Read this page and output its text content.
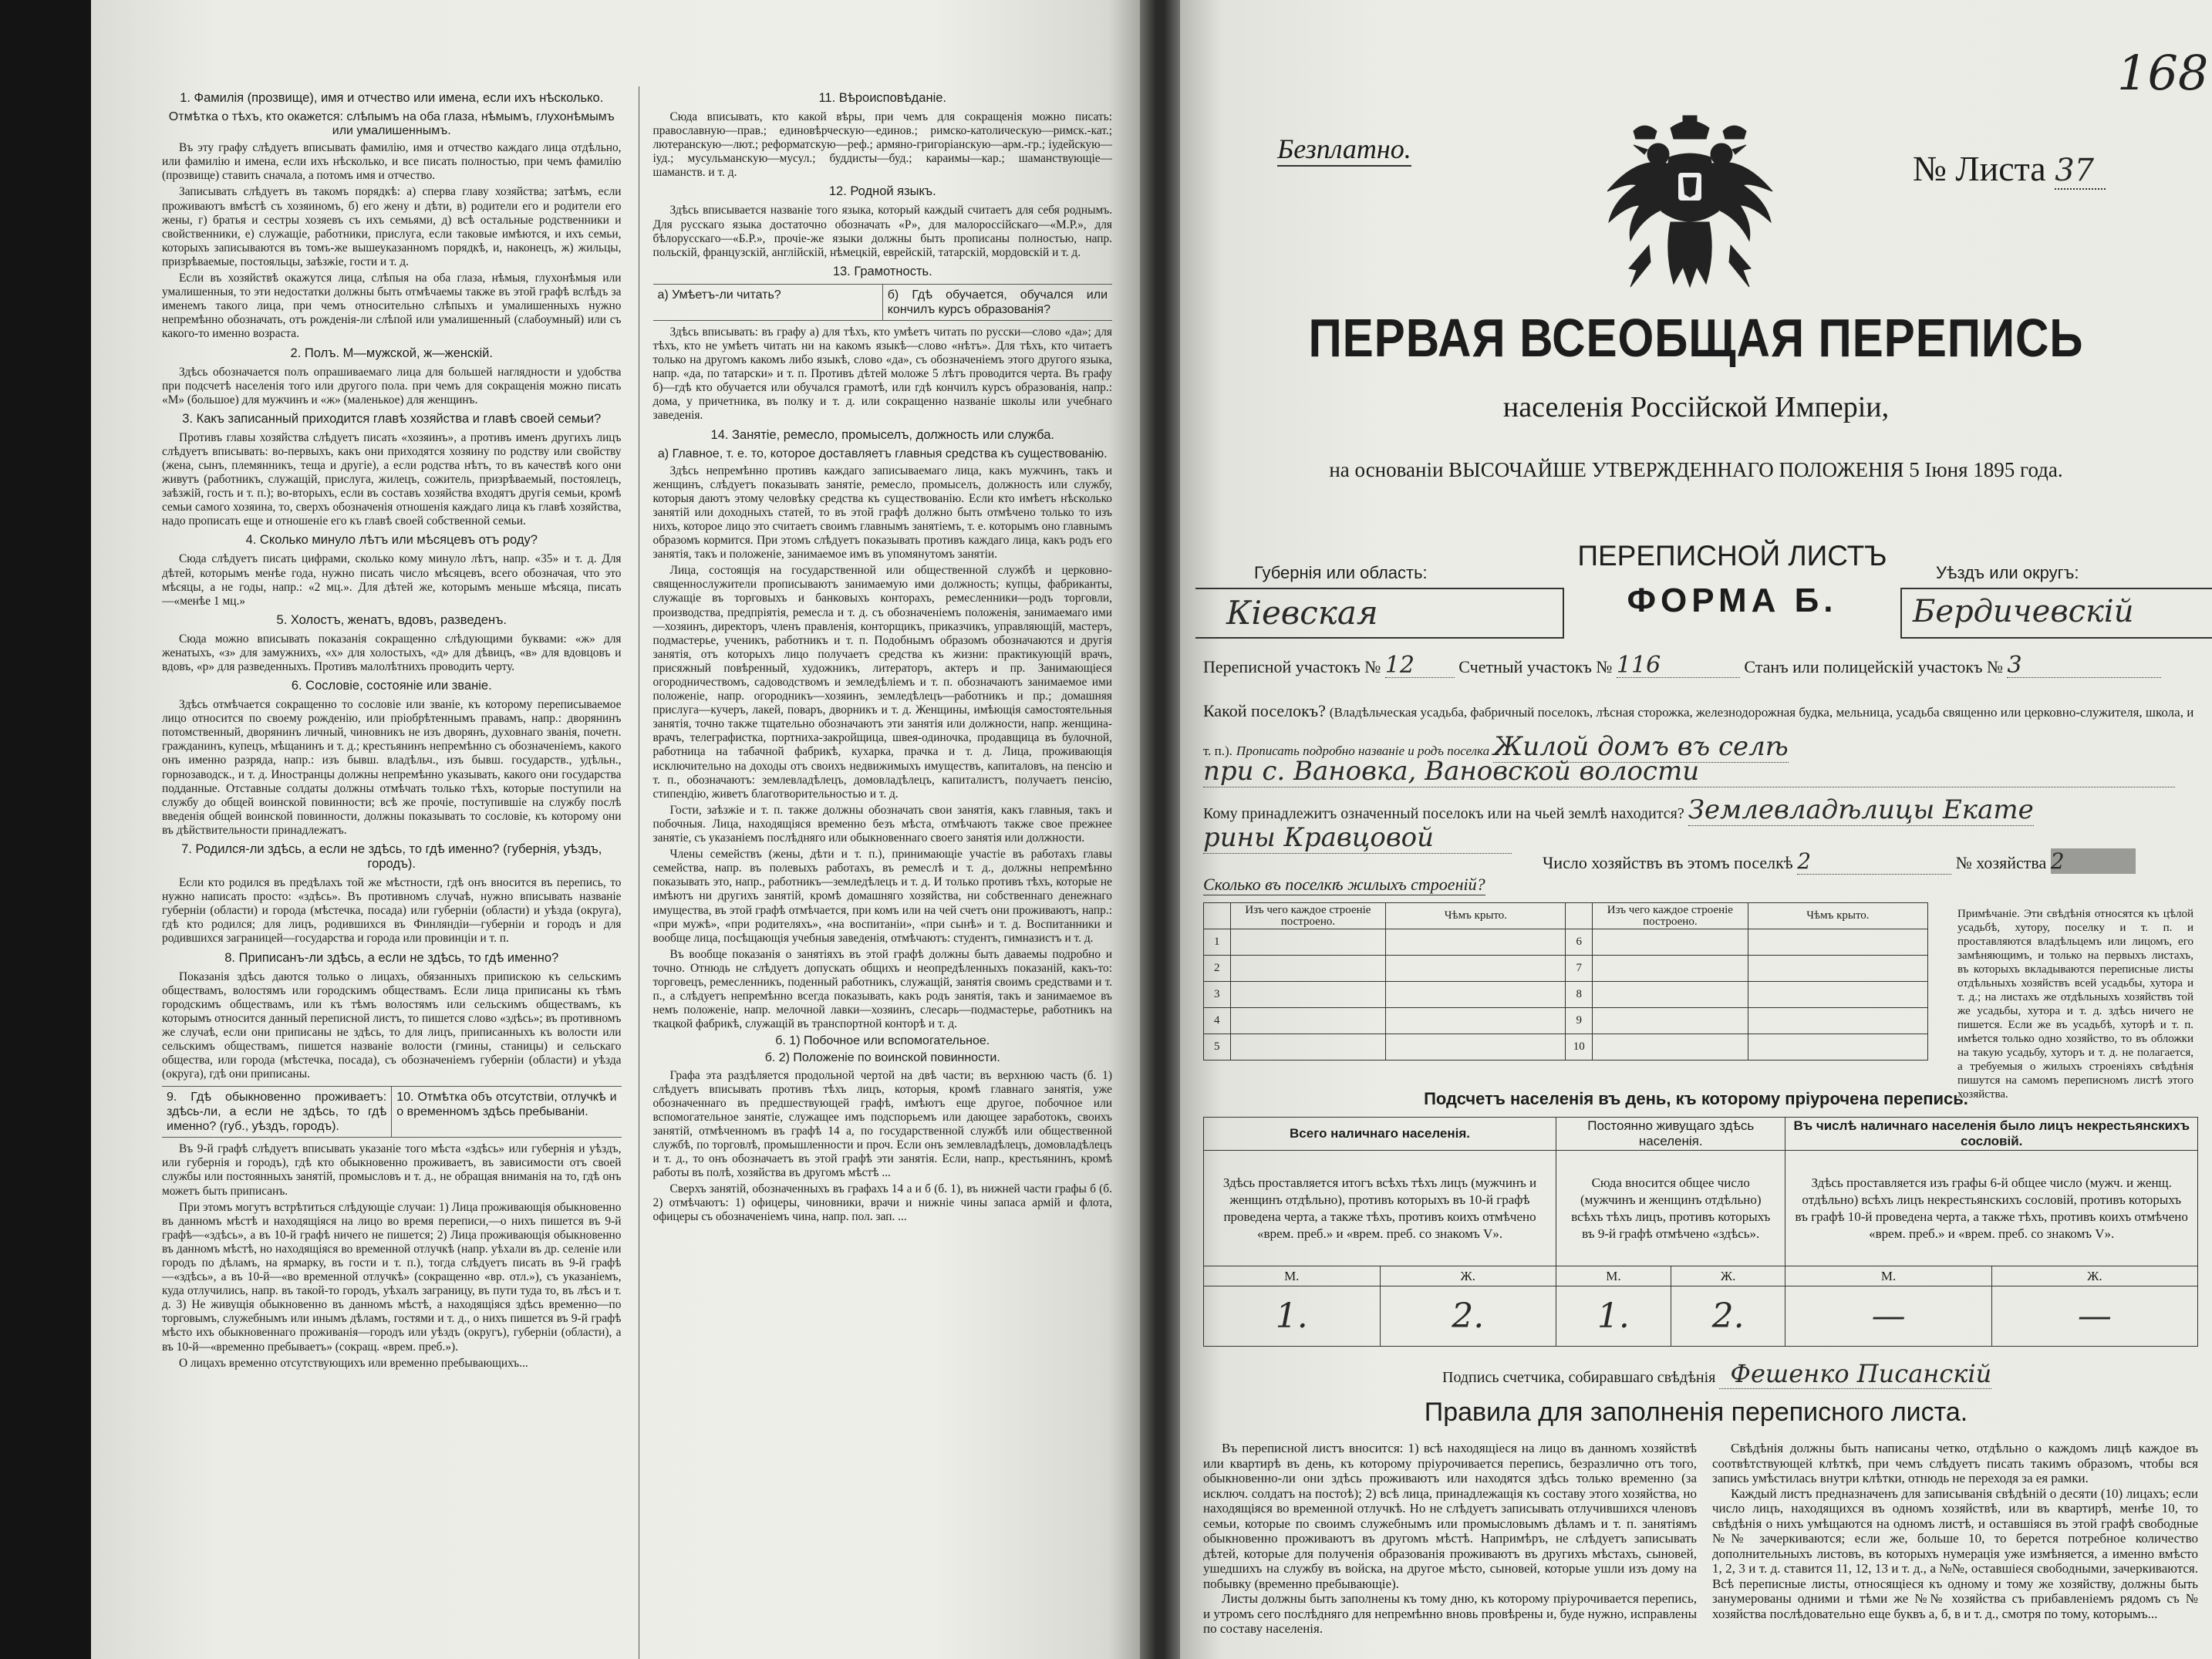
1. Фамилія (прозвище), имя и отчество или имена, если ихъ нѣсколько.
Отмѣтка о тѣхъ, кто окажется: слѣпымъ на оба глаза, нѣмымъ, глухонѣмымъ или умалишеннымъ.

Въ эту графу слѣдуетъ вписывать фамилію, имя и отчество каждаго лица отдѣльно, или фамилію и имена, если ихъ нѣсколько, и все писать полностью, при чемъ фамилію (прозвище) ставить сначала, а потомъ имя и отчество.

Записывать слѣдуетъ въ такомъ порядкѣ: а) сперва главу хозяйства; затѣмъ, если проживаютъ вмѣстѣ съ хозяиномъ, б) его жену и дѣти, в) родители его и родители его жены, г) братья и сестры хозяевъ съ ихъ семьями, д) всѣ остальные родственники и свойственники, е) служащіе, работники, прислуга, если таковые имѣются, и ихъ семьи, которыхъ записываются въ томъ-же вышеуказанномъ порядкѣ, и, наконецъ, ж) жильцы, призрѣваемые, постояльцы, заѣзжіе, гости и т. д.

Если въ хозяйствѣ окажутся лица, слѣпыя на оба глаза, нѣмыя, глухонѣмыя или умалишенныя, то эти недостатки должны быть отмѣчаемы также въ этой графѣ вслѣдъ за именемъ такого лица, при чемъ относительно слѣпыхъ и умалишенныхъ нужно непремѣнно обозначать, отъ рожденія-ли слѣпой или умалишенный (слабоумный) или съ какого-то именно возраста.

2. Полъ. М—мужской, ж—женскій.

Здѣсь обозначается полъ опрашиваемаго лица для большей наглядности и удобства при подсчетѣ населенія того или другого пола. при чемъ для сокращенія можно писать «М» (большое) для мужчинъ и «ж» (маленькое) для женщинъ.

3. Какъ записанный приходится главѣ хозяйства и главѣ своей семьи?

Противъ главы хозяйства слѣдуетъ писать «хозяинъ», а противъ именъ другихъ лицъ слѣдуетъ вписывать: во-первыхъ, какъ они приходятся хозяину по родству или свойству (жена, сынъ, племянникъ, теща и другіе), а если родства нѣтъ, то въ качествѣ кого они живутъ (работникъ, служащій, прислуга, жилецъ, сожитель, призрѣваемый, постоялецъ, заѣзжій, гость и т. п.); во-вторыхъ, если въ составъ хозяйства входятъ другія семьи, кромѣ семьи самого хозяина, то, сверхъ обозначенія отношенія каждаго лица къ главѣ хозяйства, надо прописать еще и отношеніе его къ главѣ своей собственной семьи.

4. Сколько минуло лѣтъ или мѣсяцевъ отъ роду?

Сюда слѣдуетъ писать цифрами, сколько кому минуло лѣтъ, напр. «35» и т. д. Для дѣтей, которымъ менѣе года, нужно писать число мѣсяцевъ, всего обозначая, что это мѣсяцы, а не годы, напр.: «2 мц.». Для дѣтей же, которымъ меньше мѣсяца, писать—«менѣе 1 мц.»

5. Холостъ, женатъ, вдовъ, разведенъ.

Сюда можно вписывать показанія сокращенно слѣдующими буквами: «ж» для женатыхъ, «з» для замужнихъ, «х» для холостыхъ, «д» для дѣвицъ, «в» для вдовцовъ и вдовъ, «р» для разведенныхъ. Противъ малолѣтнихъ проводить черту.

6. Сословіе, состояніе или званіе.

Здѣсь отмѣчается сокращенно то сословіе или званіе, къ которому переписываемое лицо относится по своему рожденію, или пріобрѣтеннымъ правамъ, напр.: дворянинъ потомственный, дворянинъ личный, чиновникъ не изъ дворянъ, духовнаго званія, почетн. гражданинъ, купецъ, мѣщанинъ и т. д.; крестьянинъ непремѣнно съ обозначеніемъ, какого онъ именно разряда, напр.: изъ бывш. владѣльч., изъ бывш. государств., удѣльн., горнозаводск., и т. д. Иностранцы должны непремѣнно указывать, какого они государства подданные. Отставные солдаты должны отмѣчать только тѣхъ, которые поступили на службу до общей воинской повинности; всѣ же прочіе, поступившіе на службу послѣ введенія общей воинской повинности, должны показывать то сословіе, къ которому они въ дѣйствительности принадлежатъ.

7. Родился-ли здѣсь, а если не здѣсь, то гдѣ именно? (губернія, уѣздъ, городъ).

Если кто родился въ предѣлахъ той же мѣстности, гдѣ онъ вносится въ перепись, то нужно написать просто: «здѣсь». Въ противномъ случаѣ, нужно вписывать названіе губерніи (области) и города (мѣстечка, посада) или губерніи (области) и уѣзда (округа), гдѣ кто родился; для лицъ, родившихся въ Финляндіи—губерніи и городъ и для родившихся заграницей—государства и города или провинціи и т. п.

8. Приписанъ-ли здѣсь, а если не здѣсь, то гдѣ именно?

Показанія здѣсь даются только о лицахъ, обязанныхъ припискою къ сельскимъ обществамъ, волостямъ или городскимъ обществамъ. Если лица приписаны къ тѣмъ городскимъ обществамъ, или къ тѣмъ волостямъ или сельскимъ обществамъ, къ которымъ относится данный переписной листъ, то пишется слово «здѣсь»; въ противномъ же случаѣ, если они приписаны не здѣсь, то для лицъ, приписанныхъ къ волости или сельскимъ обществамъ, пишется названіе волости (гмины, станицы) и сельскаго общества, или города (мѣстечка, посада), съ обозначеніемъ губерніи (области) и уѣзда (округа), гдѣ они приписаны.

9. Гдѣ обыкновенно проживаетъ: здѣсь-ли, а если не здѣсь, то гдѣ именно? (губ., уѣздъ, городъ).
10. Отмѣтка объ отсутствіи, отлучкѣ и о временномъ здѣсь пребываніи.

Въ 9-й графѣ слѣдуетъ вписывать указаніе того мѣста «здѣсь» или губернія и уѣздъ, или губернія и городъ), гдѣ кто обыкновенно проживаетъ, въ зависимости отъ своей службы или постоянныхъ занятій, промысловъ и т. д., не обращая вниманія на то, гдѣ онъ можетъ быть приписанъ.

При этомъ могутъ встрѣтиться слѣдующіе случаи: 1) Лица проживающія обыкновенно въ данномъ мѣстѣ и находящіяся на лицо во время переписи,—о нихъ пишется въ 9-й графѣ—«здѣсь», а въ 10-й графѣ ничего не пишется; 2) Лица проживающія обыкновенно въ данномъ мѣстѣ, но находящіяся во временной отлучкѣ (напр. уѣхали въ др. селеніе или городъ по дѣламъ, на ярмарку, въ гости и т. п.), тогда слѣдуетъ писать въ 9-й графѣ—«здѣсь», а въ 10-й—«во временной отлучкѣ» (сокращенно «вр. отл.»), съ указаніемъ, куда отлучились, напр. въ такой-то городъ, уѣхалъ заграницу, въ пути туда то, въ лѣсъ и т. д. 3) Не живущія обыкновенно въ данномъ мѣстѣ, а находящіяся здѣсь временно—по торговымъ, служебнымъ или инымъ дѣламъ, гостями и т. д., о нихъ пишется въ 9-й графѣ мѣсто ихъ обыкновеннаго проживанія—городъ или уѣздъ (округъ), губерніи (области), а въ 10-й—«временно пребываетъ» (сокращ. «врем. преб.»).

О лицахъ временно отсутствующихъ или временно пребывающихъ...

11. Вѣроисповѣданіе.

Сюда вписывать, кто какой вѣры, при чемъ для сокращенія можно писать: православную—прав.; единовѣрческую—единов.; римско-католическую—римск.-кат.; лютеранскую—лют.; реформатскую—реф.; армяно-григоріанскую—арм.-гр.; іудейскую—іуд.; мусульманскую—мусул.; буддисты—буд.; караимы—кар.; шаманствующіе—шаманств. и т. д.

12. Родной языкъ.

Здѣсь вписывается названіе того языка, который каждый считаетъ для себя роднымъ. Для русскаго языка достаточно обозначать «Р», для малороссійскаго—«М.Р.», для бѣлорусскаго—«Б.Р.», прочіе-же языки должны быть прописаны полностью, напр. польскій, французскій, англійскій, нѣмецкій, еврейскій, татарскій, мордовскій и т. д.

13. Грамотность.
а) Умѣетъ-ли читать?	б) Гдѣ обучается, обучался или кончилъ курсъ образованія?

Здѣсь вписывать: въ графу а) для тѣхъ, кто умѣетъ читать по русски—слово «да»; для тѣхъ, кто не умѣетъ читать ни на какомъ языкѣ—слово «нѣтъ». Для тѣхъ, кто читаетъ только на другомъ какомъ либо языкѣ, слово «да», съ обозначеніемъ этого другого языка, напр. «да, по татарски» и т. п. Противъ дѣтей моложе 5 лѣтъ проводится черта. Въ графу б)—гдѣ кто обучается или обучался грамотѣ, или гдѣ кончилъ курсъ образованія, напр.: дома, у причетника, въ полку и т. д. или сокращенно названіе школы или учебнаго заведенія.

14. Занятіе, ремесло, промыселъ, должность или служба.
а) Главное, т. е. то, которое доставляетъ главныя средства къ существованію.

Здѣсь непремѣнно противъ каждаго записываемаго лица, какъ мужчинъ, такъ и женщинъ, слѣдуетъ показывать занятіе, ремесло, промыселъ, должность или службу, которыя даютъ этому человѣку средства къ существованію. Если кто имѣетъ нѣсколько занятій или доходныхъ статей, то въ этой графѣ должно быть отмѣчено только то изъ нихъ, которое лицо это считаетъ своимъ главнымъ занятіемъ, т. е. которымъ оно главнымъ образомъ кормится. При этомъ слѣдуетъ показывать противъ каждаго лица, какъ родъ его занятія, такъ и положеніе, занимаемое имъ въ упомянутомъ занятіи.

Лица, состоящія на государственной или общественной службѣ и церковно-священнослужители прописываютъ занимаемую ими должность; купцы, фабриканты, служащіе въ торговыхъ и банковыхъ конторахъ, ремесленники—родъ торговли, производства, предпріятія, ремесла и т. д. съ обозначеніемъ положенія, занимаемаго ими—хозяинъ, директоръ, членъ правленія, конторщикъ, приказчикъ, управляющій, мастеръ, подмастерье, ученикъ, работникъ и т. п. Подобнымъ образомъ обозначаются и другія занятія, отъ которыхъ лицо получаетъ средства къ жизни: практикующій врачъ, присяжный повѣренный, художникъ, литераторъ, актеръ и пр. Занимающіеся огородничествомъ, садоводствомъ и земледѣліемъ и т. п. обозначаютъ занимаемое ими положеніе, напр. огородникъ—хозяинъ, земледѣлецъ—работникъ и пр.; домашняя прислуга—кучеръ, лакей, поваръ, дворникъ и т. д. Женщины, имѣющія самостоятельныя занятія, точно также тщательно обозначаютъ эти занятія или должности, напр. женщина-врачъ, телеграфистка, портниха-закройщица, швея-одиночка, продавщица въ булочной, работница на табачной фабрикѣ, кухарка, прачка и т. д. Лица, проживающія исключительно на доходы отъ своихъ недвижимыхъ имуществъ, капиталовъ, на пенсію и т. п., обозначаютъ: землевладѣлецъ, домовладѣлецъ, капиталистъ, получаетъ пенсію, стипендію, живетъ благотворительностью и т. д.

Гости, заѣзжіе и т. п. также должны обозначать свои занятія, какъ главныя, такъ и побочныя. Лица, находящіяся временно безъ мѣста, отмѣчаютъ также свое прежнее занятіе, съ указаніемъ послѣдняго или обыкновеннаго своего занятія или должности.

Члены семействъ (жены, дѣти и т. п.), принимающіе участіе въ работахъ главы семейства, напр. въ полевыхъ работахъ, въ ремеслѣ и т. д., должны непремѣнно показывать это, напр., работникъ—земледѣлецъ и т. д. И только противъ тѣхъ, которые не имѣютъ ни другихъ занятій, кромѣ домашняго хозяйства, ни собственнаго денежнаго имущества, въ этой графѣ отмѣчается, при комъ или на чей счетъ они проживаютъ, напр.: «при мужѣ», «при родителяхъ», «на воспитаніи», «при сынѣ» и т. д. Воспитанники и вообще лица, посѣщающія учебныя заведенія, отмѣчаютъ: студентъ, гимназистъ и т. д.

Въ вообще показанія о занятіяхъ въ этой графѣ должны быть даваемы подробно и точно. Отнюдь не слѣдуетъ допускать общихъ и неопредѣленныхъ показаній, какъ-то: торговецъ, ремесленникъ, поденный работникъ, служащій, занятія своимъ средствами и т. п., а слѣдуетъ непремѣнно всегда показывать, какъ родъ занятія, такъ и занимаемое въ немъ положеніе, напр. мелочной лавки—хозяинъ, слесарь—подмастерье, работникъ на ткацкой фабрикѣ, служащій въ транспортной конторѣ и т. д.

б. 1) Побочное или вспомогательное.
б. 2) Положеніе по воинской повинности.

Графа эта раздѣляется продольной чертой на двѣ части; въ верхнюю часть (б. 1) слѣдуетъ вписывать противъ тѣхъ лицъ, которыя, кромѣ главнаго занятія, уже обозначеннаго въ предшествующей графѣ, имѣютъ еще другое, побочное или вспомогательное занятіе, служащее имъ подспорьемъ или дающее заработокъ, своихъ занятій, отмѣченномъ въ графѣ 14 а, по государственной службѣ или общественной службѣ, по торговлѣ, промышленности и проч. Если онъ землевладѣлецъ, домовладѣлецъ и т. д., то онъ обозначаетъ въ этой графѣ эти занятія. Если, напр., крестьянинъ, кромѣ работы въ полѣ, хозяйства въ другомъ мѣстѣ ...

Сверхъ занятій, обозначенныхъ въ графахъ 14 а и б (б. 1), въ нижней части графы б (б. 2) отмѣчаютъ: 1) офицеры, чиновники, врачи и нижніе чины запаса армій и флота, офицеры съ обозначеніемъ чина, напр. пол. зап. ...

168
Безплатно.	№ Листа 37
ПЕРВАЯ ВСЕОБЩАЯ ПЕРЕПИСЬ
населенія Россійской Имперіи,
на основаніи ВЫСОЧАЙШЕ УТВЕРЖДЕННАГО ПОЛОЖЕНІЯ 5 Іюня 1895 года.
Губернія или область:
Кіевская
ПЕРЕПИСНОЙ ЛИСТЪ
ФОРМА Б.
Уѣздъ или округъ:
Бердичевскій
Переписной участокъ № 12	Счетный участокъ № 116	Станъ или полицейскій участокъ № 3
Какой поселокъ? (Владѣльческая усадьба, фабричный поселокъ, лѣсная сторожка, железнодорожная будка, мельница, усадьба священно или церковно-служителя, школа, и т. п.). Прописать подробно названіе и родъ поселка Жилой домъ въ селѣ
при с. Вановка, Вановской волости
Кому принадлежитъ означенный поселокъ или на чьей землѣ находится? Землевладѣлицы Екате
рины Кравцовой
Число хозяйствъ въ этомъ поселкѣ 2	№ хозяйства 2
Сколько въ поселкѣ жилыхъ строеній?
	Изъ чего каждое строеніе построено.	Чѣмъ крыто.		Изъ чего каждое строеніе построено.	Чѣмъ крыто.
1			6		
2			7		
3			8		
4			9		
5			10		
Примѣчаніе. Эти свѣдѣнія относятся къ цѣлой усадьбѣ, хутору, поселку и т. п. и проставляются владѣльцемъ или лицомъ, его замѣняющимъ, и только на первыхъ листахъ, въ которыхъ вкладываются переписные листы отдѣльныхъ хозяйствъ всей усадьбы, хутора и т. д.; на листахъ же отдѣльныхъ хозяйствъ той же усадьбы, хутора и т. д. здѣсь ничего не пишется. Если же въ усадьбѣ, хуторѣ и т. п. имѣется только одно хозяйство, то въ обложки на такую усадьбу, хуторъ и т. д. не полагается, а требуемыя о жилыхъ строеніяхъ свѣдѣнія пишутся на самомъ переписномъ листѣ этого хозяйства.
Подсчетъ населенія въ день, къ которому пріурочена перепись.
Всего наличнаго населенія.		Постоянно живущаго здѣсь населенія.		Въ числѣ наличнаго населенія было лицъ некрестьянскихъ сословій.	
Здѣсь проставляется итогъ всѣхъ тѣхъ лицъ (мужчинъ и женщинъ отдѣльно), противъ которыхъ въ 10-й графѣ проведена черта, а также тѣхъ, противъ коихъ отмѣчено «врем. преб.» и «врем. преб. со знакомъ V».		Сюда вносится общее число (мужчинъ и женщинъ отдѣльно) всѣхъ тѣхъ лицъ, противъ которыхъ въ 9-й графѣ отмѣчено «здѣсь».		Здѣсь проставляется изъ графы 6-й общее число (мужч. и женщ. отдѣльно) всѣхъ лицъ некрестьянскихъ сословій, противъ которыхъ въ графѣ 10-й проведена черта, а также тѣхъ, противъ коихъ отмѣчено «врем. преб.» и «врем. преб. со знакомъ V».	
М.	Ж.	М.	Ж.	М.	Ж.
1.	2.	1.	2.	—	—
Подпись счетчика, собиравшаго свѣдѣнія Фешенко Писанскій
Правила для заполненія переписного листа.
Въ переписной листъ вносится: 1) всѣ находящіеся на лицо въ данномъ хозяйствѣ или квартирѣ въ день, къ которому пріурочивается перепись, безразлично отъ того, обыкновенно-ли они здѣсь проживаютъ или находятся здѣсь только временно (за исключ. солдатъ на постоѣ); 2) всѣ лица, принадлежащія къ составу этого хозяйства, но находящіяся во временной отлучкѣ. Но не слѣдуетъ записывать отлучившихся членовъ семьи, которые по своимъ служебнымъ или промысловымъ дѣламъ и т. п. занятіямъ обыкновенно проживаютъ въ другомъ мѣстѣ. Напримѣръ, не слѣдуетъ записывать дѣтей, которые для полученія образованія проживаютъ въ другихъ мѣстахъ, сыновей, ушедшихъ на службу въ войска, на другое мѣсто, сыновей, которые ушли изъ дому на побывку (временно пребывающіе).
Листы должны быть заполнены къ тому дню, къ которому пріурочивается перепись, и утромъ сего послѣдняго для непремѣнно вновь провѣрены и, буде нужно, исправлены по составу населенія.
Свѣдѣнія должны быть написаны четко, отдѣльно о каждомъ лицѣ каждое въ соотвѣтствующей клѣткѣ, при чемъ слѣдуетъ писать такимъ образомъ, чтобы вся запись умѣстилась внутри клѣтки, отнюдь не переходя за ея рамки.
Каждый листъ предназначенъ для записыванія свѣдѣній о десяти (10) лицахъ; если число лицъ, находящихся въ одномъ хозяйствѣ, или въ квартирѣ, менѣе 10, то свѣдѣнія о нихъ умѣщаются на одномъ листѣ, и оставшіяся въ этой графѣ свободные №№ зачеркиваются; если же, больше 10, то берется потребное количество дополнительныхъ листовъ, въ которыхъ нумерація уже измѣняется, а именно вмѣсто 1, 2, 3 и т. д. ставится 11, 12, 13 и т. д., а №№, оставшіеся свободными, зачеркиваются. Всѣ переписные листы, относящіеся къ одному и тому же хозяйству, должны быть занумерованы одними и тѣми же №№ хозяйства съ прибавленіемъ рядомъ съ № хозяйства послѣдовательно еще буквъ а, б, в и т. д., смотря по тому, которымъ...
